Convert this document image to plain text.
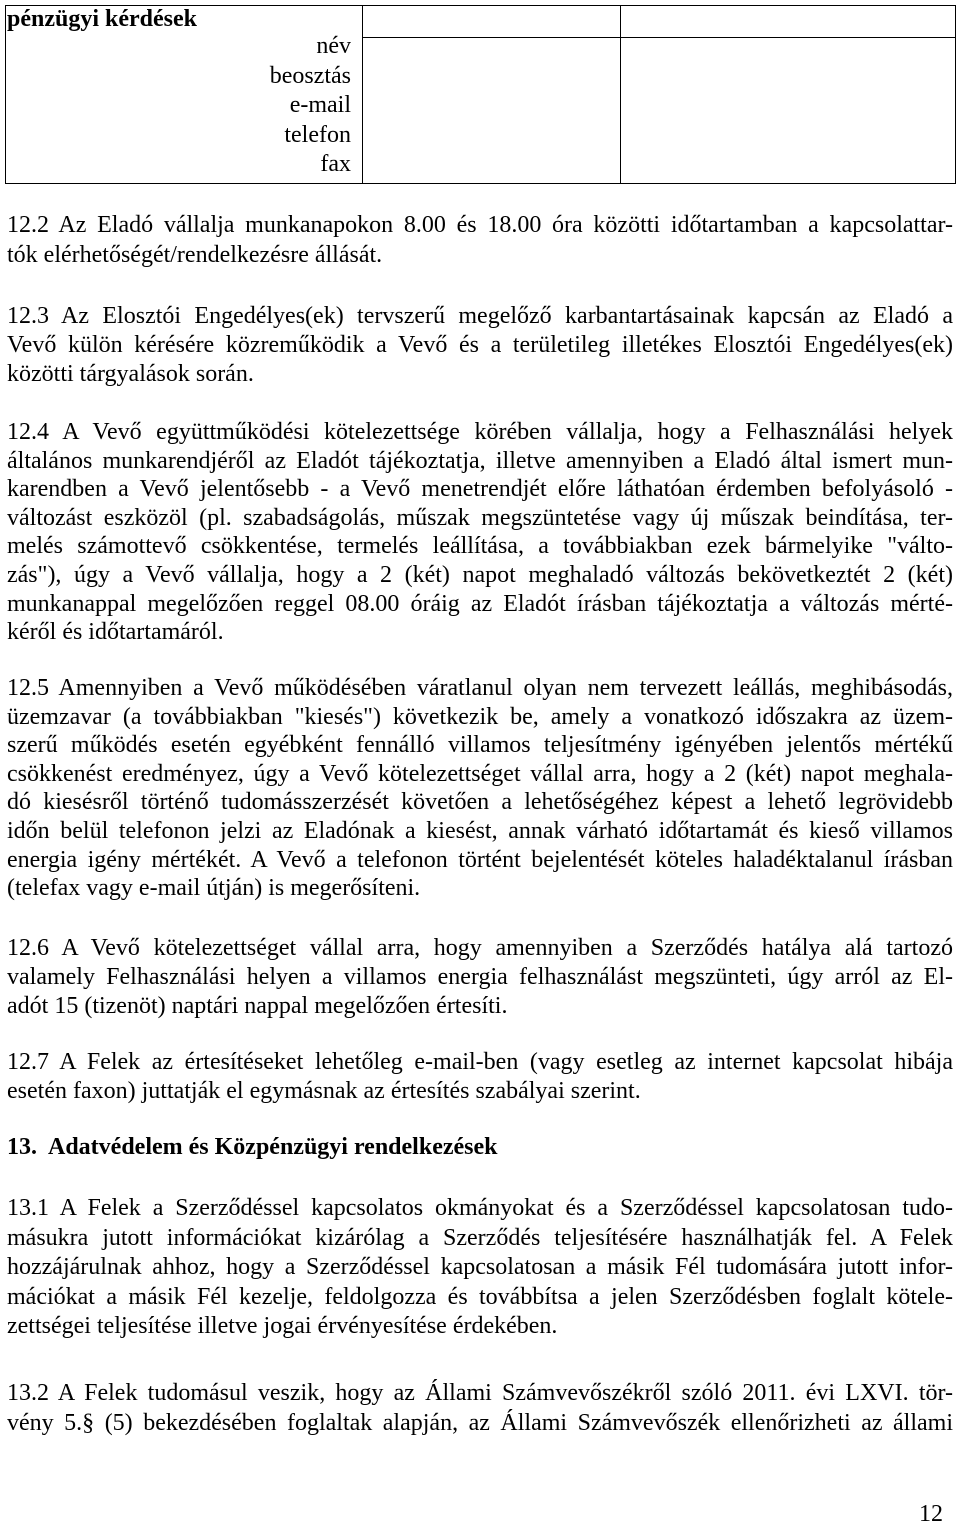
pénzügyi kérdések
név
beosztás
e-mail
telefon
fax
12.2 Az Eladó vállalja munkanapokon 8.00 és 18.00 óra közötti időtartamban a kapcsolattar-
tók elérhetőségét/rendelkezésre állását.
12.3 Az Elosztói Engedélyes(ek) tervszerű megelőző karbantartásainak kapcsán az Eladó a
Vevő külön kérésére közreműködik a Vevő és a területileg illetékes Elosztói Engedélyes(ek)
közötti tárgyalások során.
12.4 A Vevő együttműködési kötelezettsége körében vállalja, hogy a Felhasználási helyek
általános munkarendjéről az Eladót tájékoztatja, illetve amennyiben a Eladó által ismert mun-
karendben a Vevő jelentősebb - a Vevő menetrendjét előre láthatóan érdemben befolyásoló -
változást eszközöl (pl. szabadságolás, műszak megszüntetése vagy új műszak beindítása, ter-
melés számottevő csökkentése, termelés leállítása, a továbbiakban ezek bármelyike "válto-
zás"), úgy a Vevő vállalja, hogy a 2 (két) napot meghaladó változás bekövetkeztét 2 (két)
munkanappal megelőzően reggel 08.00 óráig az Eladót írásban tájékoztatja a változás mérté-
kéről és időtartamáról.
12.5 Amennyiben a Vevő működésében váratlanul olyan nem tervezett leállás, meghibásodás,
üzemzavar (a továbbiakban "kiesés") következik be, amely a vonatkozó időszakra az üzem-
szerű működés esetén egyébként fennálló villamos teljesítmény igényében jelentős mértékű
csökkenést eredményez, úgy a Vevő kötelezettséget vállal arra, hogy a 2 (két) napot meghala-
dó kiesésről történő tudomásszerzését követően a lehetőségéhez képest a lehető legrövidebb
időn belül telefonon jelzi az Eladónak a kiesést, annak várható időtartamát és kieső villamos
energia igény mértékét. A Vevő a telefonon történt bejelentését köteles haladéktalanul írásban
(telefax vagy e-mail útján) is megerősíteni.
12.6 A Vevő kötelezettséget vállal arra, hogy amennyiben a Szerződés hatálya alá tartozó
valamely Felhasználási helyen a villamos energia felhasználást megszünteti, úgy arról az El-
adót 15 (tizenöt) naptári nappal megelőzően értesíti.
12.7 A Felek az értesítéseket lehetőleg e-mail-ben (vagy esetleg az internet kapcsolat hibája
esetén faxon) juttatják el egymásnak az értesítés szabályai szerint.
13. Adatvédelem és Közpénzügyi rendelkezések
13.1 A Felek a Szerződéssel kapcsolatos okmányokat és a Szerződéssel kapcsolatosan tudo-
másukra jutott információkat kizárólag a Szerződés teljesítésére használhatják fel. A Felek
hozzájárulnak ahhoz, hogy a Szerződéssel kapcsolatosan a másik Fél tudomására jutott infor-
mációkat a másik Fél kezelje, feldolgozza és továbbítsa a jelen Szerződésben foglalt kötele-
zettségei teljesítése illetve jogai érvényesítése érdekében.
13.2 A Felek tudomásul veszik, hogy az Állami Számvevőszékről szóló 2011. évi LXVI. tör-
vény 5.§ (5) bekezdésében foglaltak alapján, az Állami Számvevőszék ellenőrizheti az állami
12
